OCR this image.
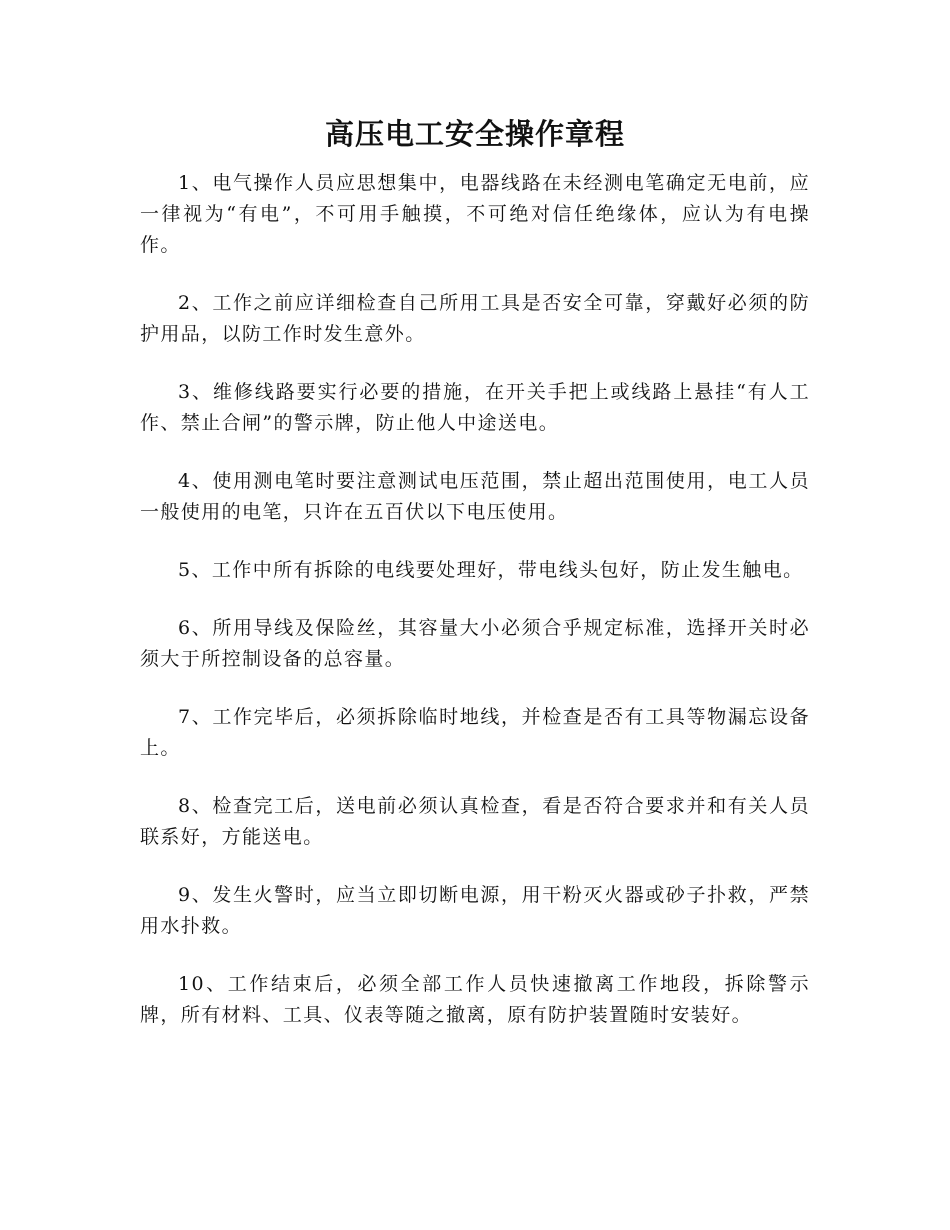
高压电工安全操作章程
1、电气操作人员应思想集中，电器线路在未经测电笔确定无电前，应一律视为“有电”，不可用手触摸，不可绝对信任绝缘体，应认为有电操作。
2、工作之前应详细检查自己所用工具是否安全可靠，穿戴好必须的防护用品，以防工作时发生意外。
3、维修线路要实行必要的措施，在开关手把上或线路上悬挂“有人工作、禁止合闸”的警示牌，防止他人中途送电。
4、使用测电笔时要注意测试电压范围，禁止超出范围使用，电工人员一般使用的电笔，只许在五百伏以下电压使用。
5、工作中所有拆除的电线要处理好，带电线头包好，防止发生触电。
6、所用导线及保险丝，其容量大小必须合乎规定标准，选择开关时必须大于所控制设备的总容量。
7、工作完毕后，必须拆除临时地线，并检查是否有工具等物漏忘设备上。
8、检查完工后，送电前必须认真检查，看是否符合要求并和有关人员联系好，方能送电。
9、发生火警时，应当立即切断电源，用干粉灭火器或砂子扑救，严禁用水扑救。
10、工作结束后，必须全部工作人员快速撤离工作地段，拆除警示牌，所有材料、工具、仪表等随之撤离，原有防护装置随时安装好。
